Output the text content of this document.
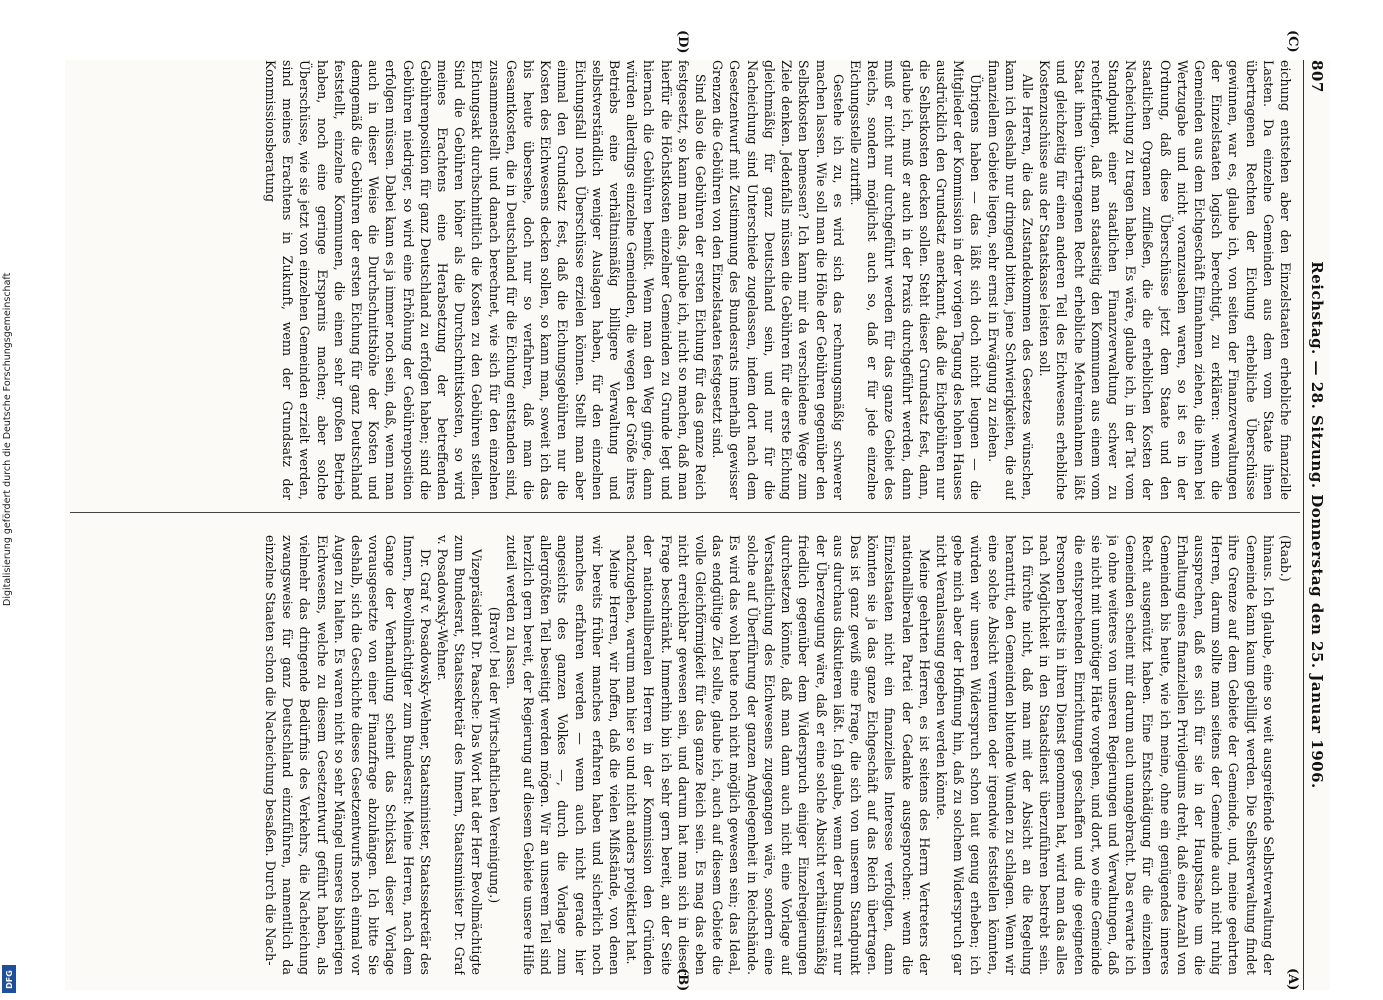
807
Reichstag. — 28. Sitzung. Donnerstag den 25. Januar 1906.

(Raab.)

hinaus. Ich glaube, eine so weit ausgreifende Selbstverwaltung der Gemeinde kann kaum gebilligt werden. Die Selbstverwaltung findet ihre Grenze auf dem Gebiete der Gemeinde, und, meine geehrten Herren, darum sollte man seitens der Gemeinde auch nicht ruhig aussprechen, daß es sich für sie in der Hauptsache um die Erhaltung eines finanziellen Privilegiums dreht, daß eine Anzahl von Gemeinden bis heute, wie ich meine, ohne ein genügendes inneres Recht ausgenützt haben. Eine Entschädigung für die einzelnen Gemeinden scheint mir darum auch unangebracht. Das erwarte ich ja ohne weiteres von unseren Regierungen und Verwaltungen, daß sie nicht mit unnötiger Härte vorgehen, und dort, wo eine Gemeinde die entsprechenden Einrichtungen geschaffen und die geeigneten Personen bereits in ihren Dienst genommen hat, wird man das alles nach Möglichkeit in den Staatsdienst überzuführen bestrebt sein. Ich fürchte nicht, daß man mit der Absicht an die Regelung herantritt, den Gemeinden blutende Wunden zu schlagen. Wenn wir eine solche Absicht vermuten oder irgendwie feststellen könnten, würden wir unseren Widerspruch schon laut genug erheben; ich gebe mich aber der Hoffnung hin, daß zu solchem Widerspruch gar nicht Veranlassung gegeben werden könnte.

Meine geehrten Herren, es ist seitens des Herrn Vertreters der nationalliberalen Partei der Gedanke ausgesprochen: wenn die Einzelstaaten nicht ein finanzielles Interesse verfolgten, dann könnten sie ja das ganze Eichgeschäft auf das Reich übertragen. Das ist ganz gewiß eine Frage, die sich von unserem Standpunkt aus durchaus diskutieren läßt. Ich glaube, wenn der Bundesrat nur der Überzeugung wäre, daß er eine solche Absicht verhältnismäßig friedlich gegenüber dem Widerspruch einiger Einzelregierungen durchsetzen könnte, daß man dann auch nicht eine Vorlage auf Verstaatlichung des Eichwesens zugegangen wäre, sondern eine solche auf Überführung der ganzen Angelegenheit in Reichshände. Es wird das wohl heute noch nicht möglich gewesen sein; das Ideal, das endgültige Ziel sollte, glaube ich, auch auf diesem Gebiete die volle Gleichförmigkeit für das ganze Reich sein. Es mag das eben nicht erreichbar gewesen sein, und darum hat man sich in dieser Frage beschränkt. Immerhin bin ich sehr gern bereit, an der Seite der nationalliberalen Herren in der Kommission den Gründen nachzugehen, warum man hier so und nicht anders projektiert hat.

Meine Herren, wir hoffen, daß die vielen Mißstände, von denen wir bereits früher manches erfahren haben und sicherlich noch manches erfahren werden — wenn auch nicht gerade hier angesichts des ganzen Volkes —, durch die Vorlage zum allergrößten Teil beseitigt werden mögen. Wir an unserem Teil sind herzlich gern bereit, der Regierung auf diesem Gebiete unsere Hilfe zuteil werden zu lassen.

(Bravo! bei der Wirtschaftlichen Vereinigung.)

Vizepräsident Dr. Paasche: Das Wort hat der Herr Bevollmächtigte zum Bundesrat, Staatssekretär des Innern, Staatsminister Dr. Graf v. Posadowsky-Wehner.

Dr. Graf v. Posadowsky-Wehner, Staatsminister, Staatssekretär des Innern, Bevollmächtigter zum Bundesrat: Meine Herren, nach dem Gange der Verhandlung scheint das Schicksal dieser Vorlage vorausgesetzte von einer Finanzfrage abzuhängen. Ich bitte Sie deshalb, sich die Geschichte dieses Gesetzentwurfs noch einmal vor Augen zu halten. Es waren nicht so sehr Mängel unseres bisherigen Eichwesens, welche zu diesem Gesetzentwurf geführt haben, als vielmehr das dringende Bedürfnis des Verkehrs, die Nacheichung zwangsweise für ganz Deutschland einzuführen, namentlich da einzelne Staaten schon die Nacheichung besaßen. Durch die Nach-

eichung entstehen aber den Einzelstaaten erhebliche finanzielle Lasten. Da einzelne Gemeinden aus dem vom Staate ihnen übertragenen Rechten der Eichung erhebliche Überschüsse gewinnen, war es, glaube ich, von seiten der Finanzverwaltungen der Einzelstaaten logisch berechtigt, zu erklären: wenn die Gemeinden aus dem Eichgeschäft Einnahmen ziehen, die ihnen bei Wertzugabe und nicht voranzusehen waren, so ist es in der Ordnung, daß diese Überschüsse jetzt dem Staate und den staatlichen Organen zufließen, die die erheblichen Kosten der Nacheichung zu tragen haben. Es wäre, glaube ich, in der Tat vom Standpunkt einer staatlichen Finanzverwaltung schwer zu rechtfertigen, daß man staatseitig den Kommunen aus einem vom Staat ihnen übertragenen Recht erhebliche Mehreinnahmen läßt und gleichzeitig für einen anderen Teil des Eichwesens erhebliche Kostenzuschüsse aus der Staatskasse leisten soll.

Alle Herren, die das Zustandekommen des Gesetzes wünschen, kann ich deshalb nur dringend bitten, jene Schwierigkeiten, die auf finanziellem Gebiete liegen, sehr ernst in Erwägung zu ziehen.

Übrigens haben — das läßt sich doch nicht leugnen — die Mitglieder der Kommission in der vorigen Tagung des hohen Hauses ausdrücklich den Grundsatz anerkannt, daß die Eichgebühren nur die Selbstkosten decken sollen. Steht dieser Grundsatz fest, dann, glaube ich, muß er auch in der Praxis durchgeführt werden, dann muß er nicht nur durchgeführt werden für das ganze Gebiet des Reichs, sondern möglichst auch so, daß er für jede einzelne Eichungsstelle zutrifft.

Gestehe ich zu, es wird sich das rechnungsmäßig schwerer machen lassen. Wie soll man die Höhe der Gebühren gegenüber den Selbstkosten bemessen? Ich kann mir da verschiedene Wege zum Ziele denken. Jedenfalls müssen die Gebühren für die erste Eichung gleichmäßig für ganz Deutschland sein, und nur für die Nacheichung sind Unterschiede zugelassen, indem dort nach dem Gesetzentwurf mit Zustimmung des Bundesrats innerhalb gewisser Grenzen die Gebühren von den Einzelstaaten festgesetzt sind.

Sind also die Gebühren der ersten Eichung für das ganze Reich festgesetzt, so kann man das, glaube ich, nicht so machen, daß man hierfür die Höchstkosten einzelner Gemeinden zu Grunde legt und hiernach die Gebühren bemißt. Wenn man den Weg ginge, dann würden allerdings einzelne Gemeinden, die wegen der Größe ihres Betriebs eine verhältnismäßig billigere Verwaltung und selbstverständlich weniger Auslagen haben, für den einzelnen Eichungsfall noch Überschüsse erzielen können. Stellt man aber einmal den Grundsatz fest, daß die Eichungsgebühren nur die Kosten des Eichwesens decken sollen, so kann man, soweit ich das bis heute übersehe, doch nur so verfahren, daß man die Gesamtkosten, die in Deutschland für die Eichung entstanden sind, zusammenstellt und danach berechnet, wie sich für den einzelnen Eichungsakt durchschnittlich die Kosten zu den Gebühren stellen. Sind die Gebühren höher als die Durchschnittskosten, so wird meines Erachtens eine Herabsetzung der betreffenden Gebührenposition für ganz Deutschland zu erfolgen haben; sind die Gebühren niedriger, so wird eine Erhöhung der Gebührenposition erfolgen müssen. Dabei kann es ja immer noch sein, daß, wenn man auch in dieser Weise die Durchschnittshöhe der Kosten und demgemäß die Gebühren der ersten Eichung für ganz Deutschland feststellt, einzelne Kommunen, die einen sehr großen Betrieb haben, noch eine geringe Ersparnis machen; aber solche Überschüsse, wie sie jetzt von einzelnen Gemeinden erzielt werden, sind meines Erachtens in Zukunft, wenn der Grundsatz der Kommissionsberatung

(A)
(B)
(C)
(D)
Digitalisierung gefördert durch die Deutsche Forschungsgemeinschaft
DFG
